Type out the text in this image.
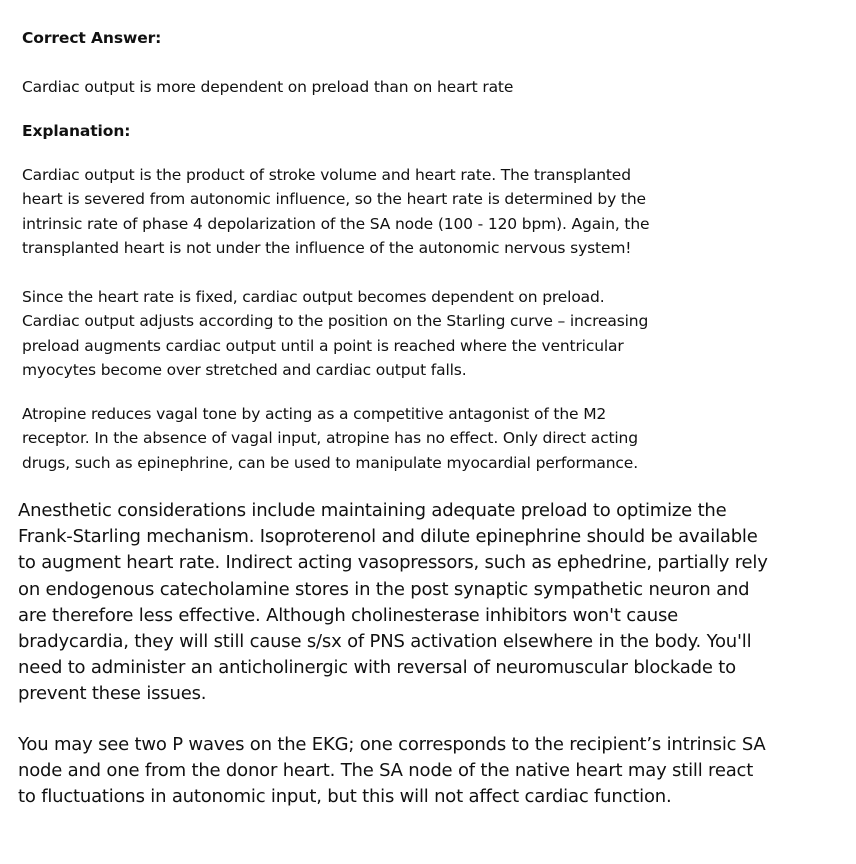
Correct Answer:
Cardiac output is more dependent on preload than on heart rate
Explanation:
Cardiac output is the product of stroke volume and heart rate. The transplanted
heart is severed from autonomic influence, so the heart rate is determined by the
intrinsic rate of phase 4 depolarization of the SA node (100 - 120 bpm). Again, the
transplanted heart is not under the influence of the autonomic nervous system!
Since the heart rate is fixed, cardiac output becomes dependent on preload.
Cardiac output adjusts according to the position on the Starling curve – increasing
preload augments cardiac output until a point is reached where the ventricular
myocytes become over stretched and cardiac output falls.
Atropine reduces vagal tone by acting as a competitive antagonist of the M2
receptor. In the absence of vagal input, atropine has no effect. Only direct acting
drugs, such as epinephrine, can be used to manipulate myocardial performance.
Anesthetic considerations include maintaining adequate preload to optimize the
Frank-Starling mechanism. Isoproterenol and dilute epinephrine should be available
to augment heart rate. Indirect acting vasopressors, such as ephedrine, partially rely
on endogenous catecholamine stores in the post synaptic sympathetic neuron and
are therefore less effective. Although cholinesterase inhibitors won't cause
bradycardia, they will still cause s/sx of PNS activation elsewhere in the body. You'll
need to administer an anticholinergic with reversal of neuromuscular blockade to
prevent these issues.
You may see two P waves on the EKG; one corresponds to the recipient’s intrinsic SA
node and one from the donor heart. The SA node of the native heart may still react
to fluctuations in autonomic input, but this will not affect cardiac function.
